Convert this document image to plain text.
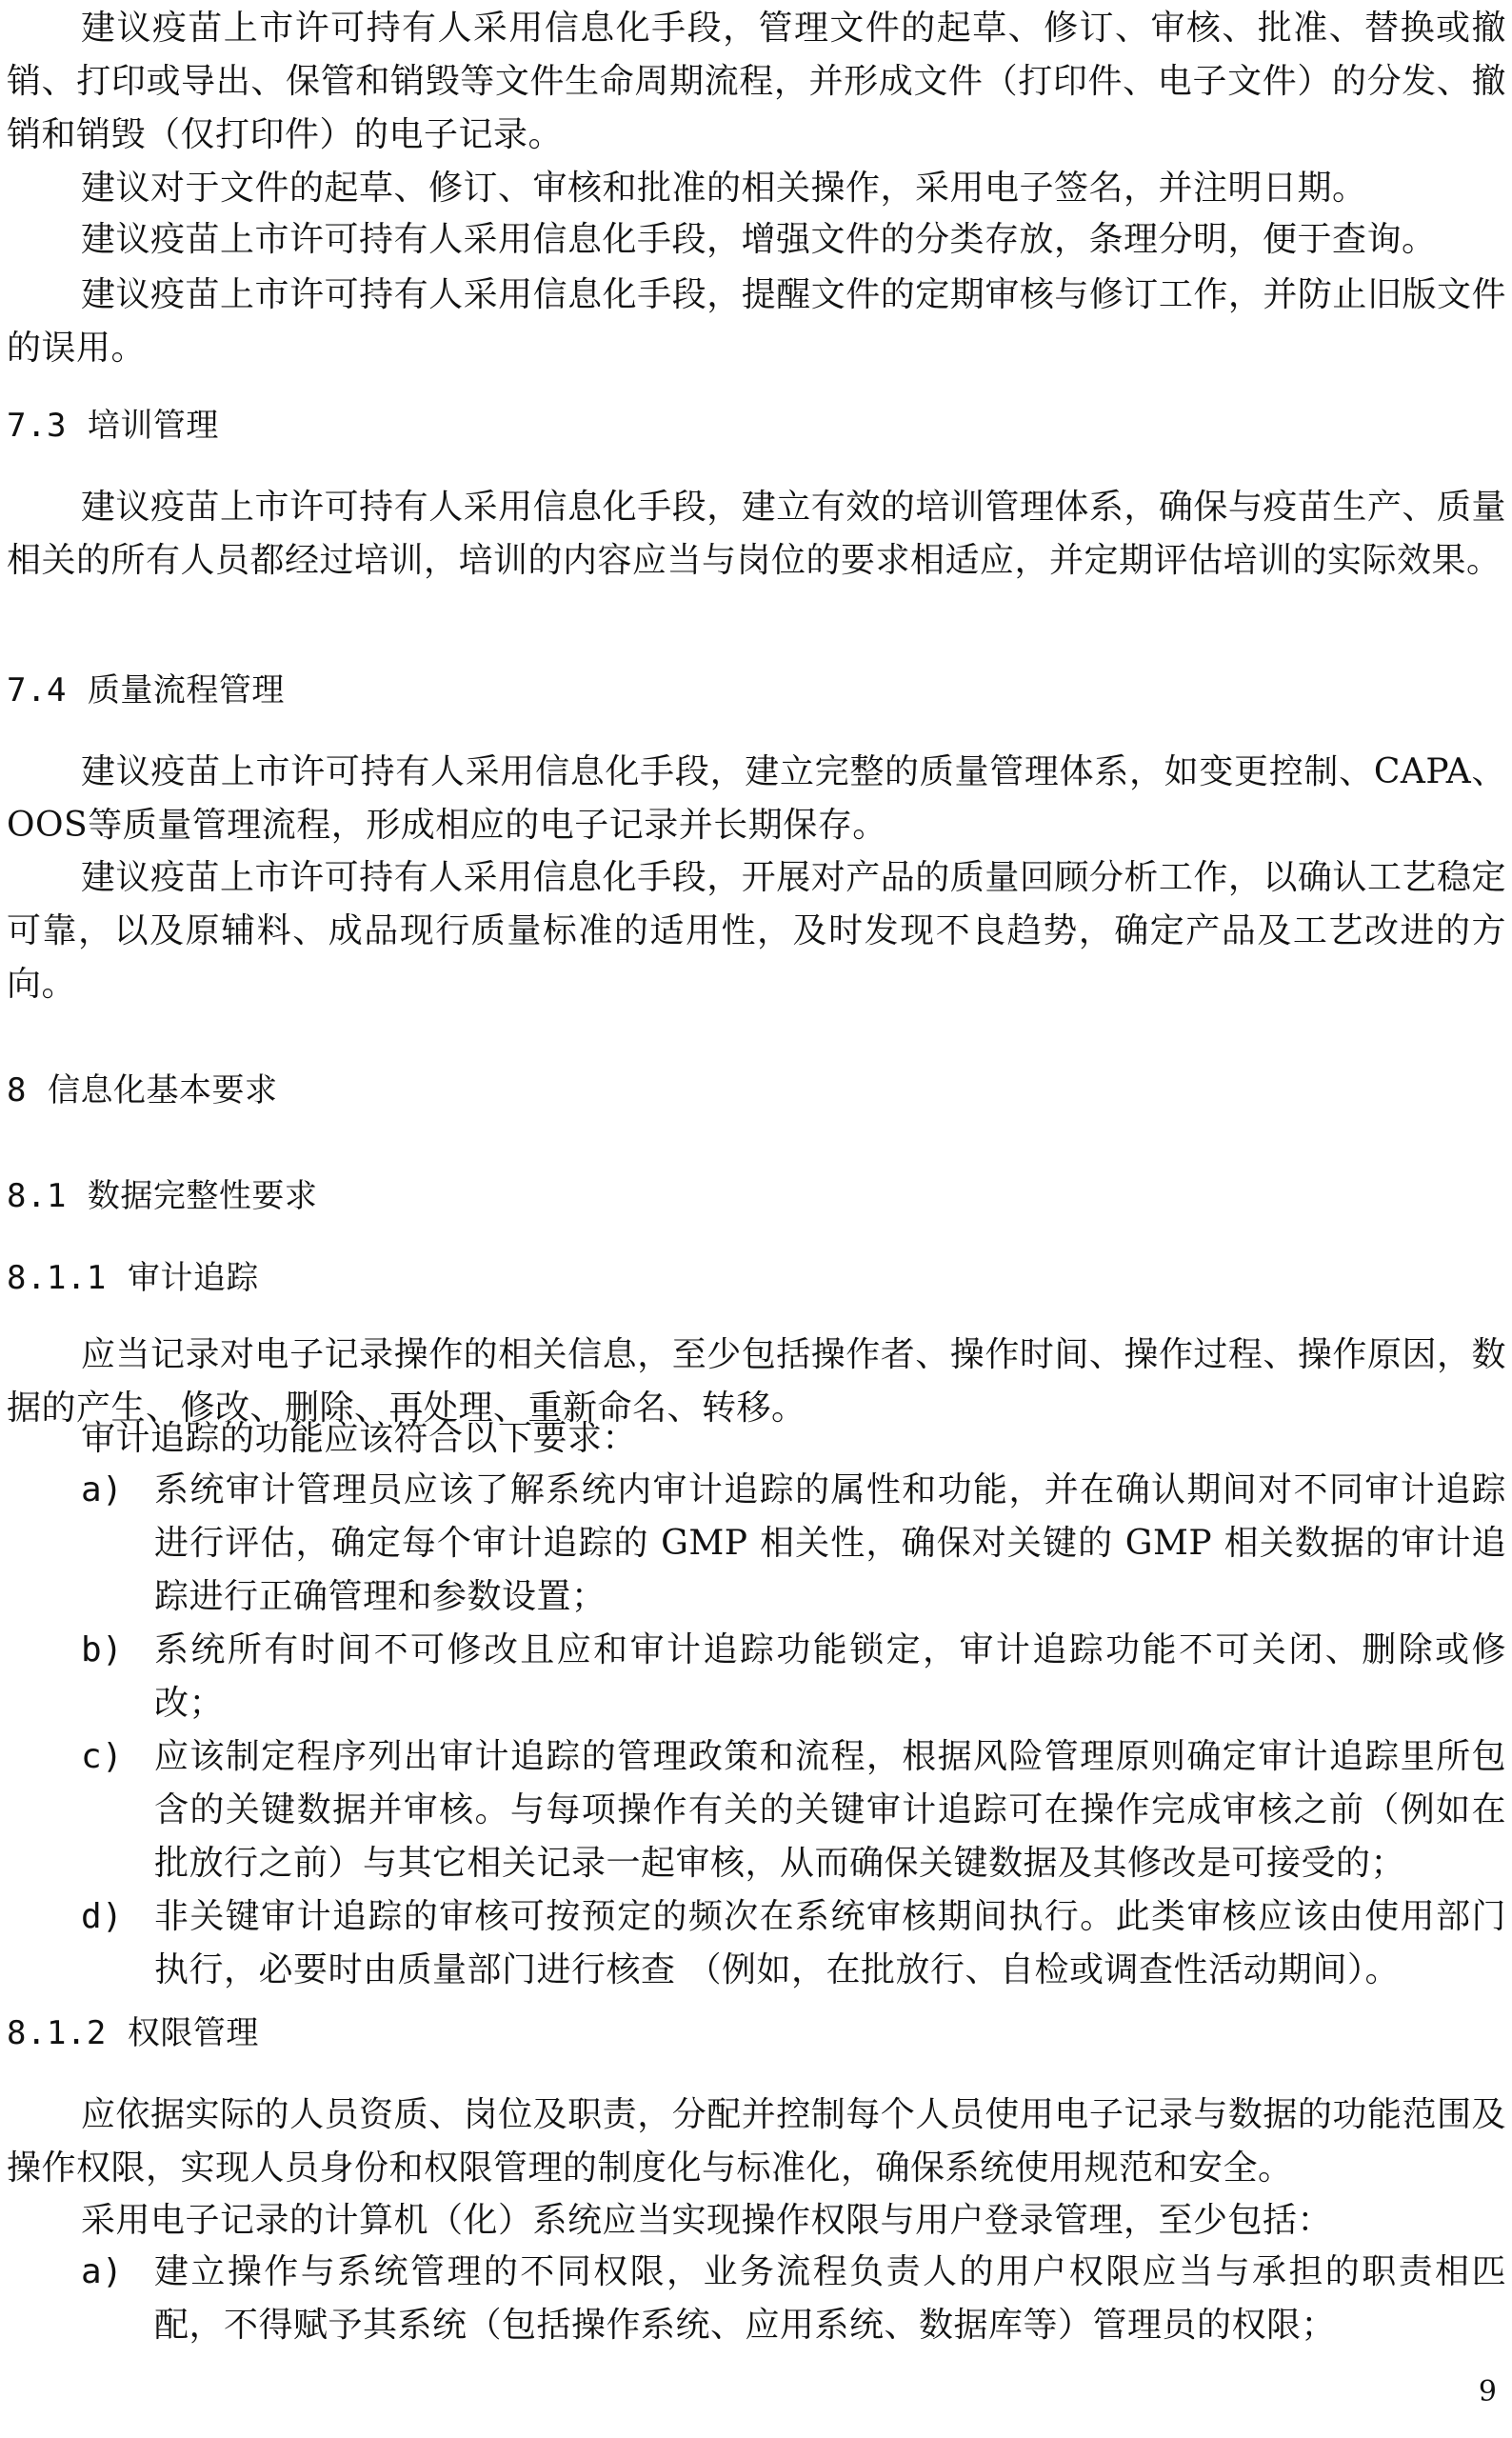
建议疫苗上市许可持有人采用信息化手段，管理文件的起草、修订、审核、批准、替换或撤销、打印或导出、保管和销毁等文件生命周期流程，并形成文件（打印件、电子文件）的分发、撤销和销毁（仅打印件）的电子记录。
建议对于文件的起草、修订、审核和批准的相关操作，采用电子签名，并注明日期。
建议疫苗上市许可持有人采用信息化手段，增强文件的分类存放，条理分明，便于查询。
建议疫苗上市许可持有人采用信息化手段，提醒文件的定期审核与修订工作，并防止旧版文件的误用。
7.3 培训管理
建议疫苗上市许可持有人采用信息化手段，建立有效的培训管理体系，确保与疫苗生产、质量相关的所有人员都经过培训，培训的内容应当与岗位的要求相适应，并定期评估培训的实际效果。
7.4 质量流程管理
建议疫苗上市许可持有人采用信息化手段，建立完整的质量管理体系，如变更控制、CAPA、OOS等质量管理流程，形成相应的电子记录并长期保存。
建议疫苗上市许可持有人采用信息化手段，开展对产品的质量回顾分析工作，以确认工艺稳定可靠，以及原辅料、成品现行质量标准的适用性，及时发现不良趋势，确定产品及工艺改进的方向。
8 信息化基本要求
8.1 数据完整性要求
8.1.1 审计追踪
应当记录对电子记录操作的相关信息，至少包括操作者、操作时间、操作过程、操作原因，数据的产生、修改、删除、再处理、重新命名、转移。
审计追踪的功能应该符合以下要求：
a) 系统审计管理员应该了解系统内审计追踪的属性和功能，并在确认期间对不同审计追踪进行评估，确定每个审计追踪的 GMP 相关性，确保对关键的 GMP 相关数据的审计追踪进行正确管理和参数设置；
b) 系统所有时间不可修改且应和审计追踪功能锁定，审计追踪功能不可关闭、删除或修改；
c) 应该制定程序列出审计追踪的管理政策和流程，根据风险管理原则确定审计追踪里所包含的关键数据并审核。与每项操作有关的关键审计追踪可在操作完成审核之前（例如在批放行之前）与其它相关记录一起审核，从而确保关键数据及其修改是可接受的；
d) 非关键审计追踪的审核可按预定的频次在系统审核期间执行。此类审核应该由使用部门执行，必要时由质量部门进行核查 （例如，在批放行、自检或调查性活动期间）。
8.1.2 权限管理
应依据实际的人员资质、岗位及职责，分配并控制每个人员使用电子记录与数据的功能范围及操作权限，实现人员身份和权限管理的制度化与标准化，确保系统使用规范和安全。
采用电子记录的计算机（化）系统应当实现操作权限与用户登录管理，至少包括：
a) 建立操作与系统管理的不同权限，业务流程负责人的用户权限应当与承担的职责相匹配，不得赋予其系统（包括操作系统、应用系统、数据库等）管理员的权限；
9
